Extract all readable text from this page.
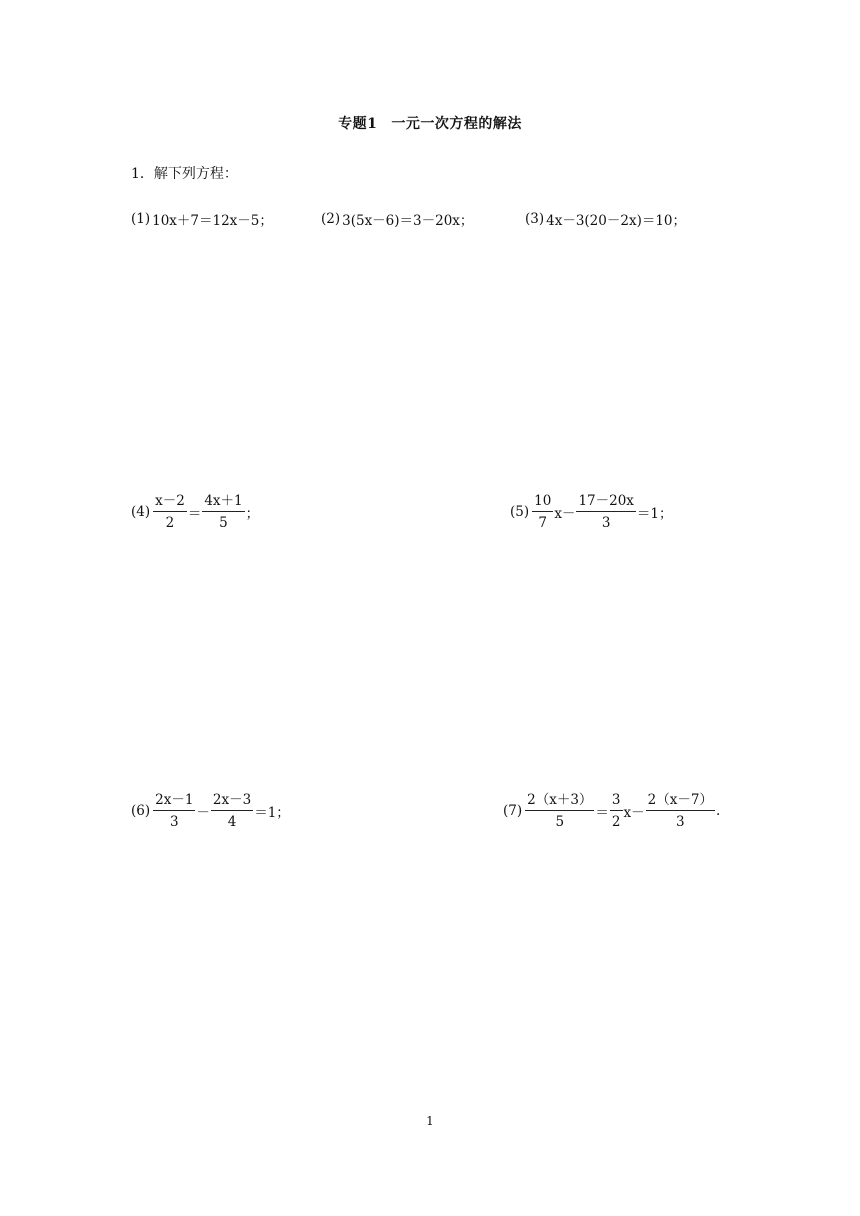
专题1 一元一次方程的解法
1．解下列方程：
(1) 10x＋7＝12x－5；	(2) 3(5x－6)＝3－20x；	(3) 4x－3(20－2x)＝10；
$(4) \frac{x-2}{2} = \frac{4x+1}{5}$ ；	$(5) \frac{10}{7} x- \frac{17-20x}{3} =1$；
$(6) \frac{2x-1}{3} - \frac{2x-3}{4} =1$；	$(7) \frac{2(x+3)}{5} = \frac{3}{2} x- \frac{2(x-7)}{3}$ .
1
